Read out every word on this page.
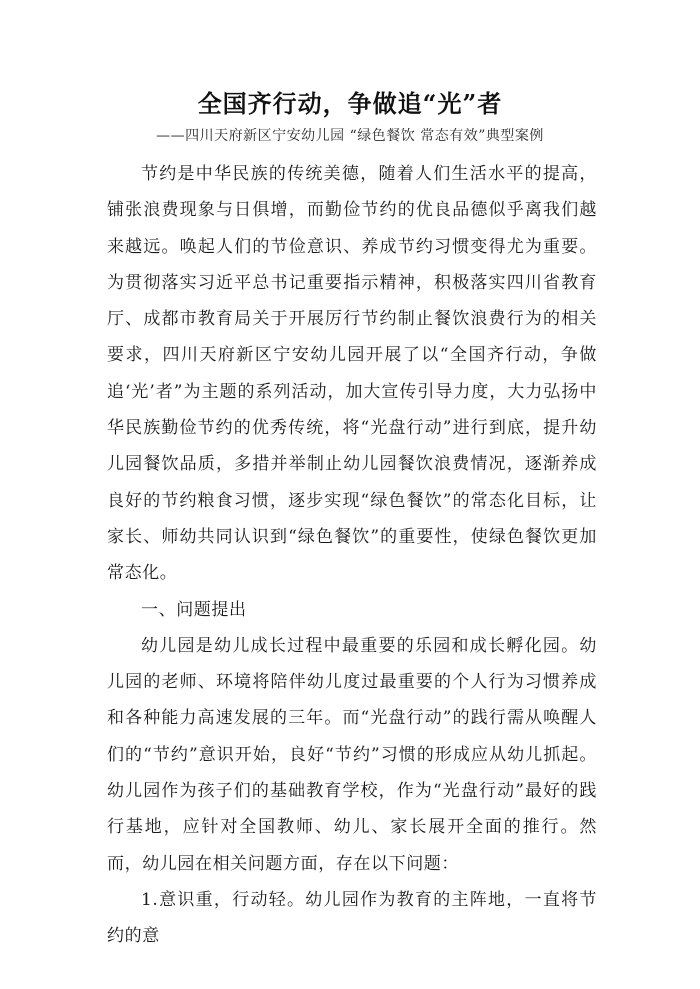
全国齐行动，争做追“光”者
——四川天府新区宁安幼儿园 “绿色餐饮 常态有效”典型案例

节约是中华民族的传统美德，随着人们生活水平的提高，铺张浪费现象与日俱增，而勤俭节约的优良品德似乎离我们越来越远。唤起人们的节俭意识、养成节约习惯变得尤为重要。为贯彻落实习近平总书记重要指示精神，积极落实四川省教育厅、成都市教育局关于开展厉行节约制止餐饮浪费行为的相关要求，四川天府新区宁安幼儿园开展了以“全国齐行动，争做追‘光’者”为主题的系列活动，加大宣传引导力度，大力弘扬中华民族勤俭节约的优秀传统，将“光盘行动”进行到底，提升幼儿园餐饮品质，多措并举制止幼儿园餐饮浪费情况，逐渐养成良好的节约粮食习惯，逐步实现“绿色餐饮”的常态化目标，让家长、师幼共同认识到“绿色餐饮”的重要性，使绿色餐饮更加常态化。

一、问题提出

幼儿园是幼儿成长过程中最重要的乐园和成长孵化园。幼儿园的老师、环境将陪伴幼儿度过最重要的个人行为习惯养成和各种能力高速发展的三年。而“光盘行动”的践行需从唤醒人们的“节约”意识开始，良好“节约”习惯的形成应从幼儿抓起。幼儿园作为孩子们的基础教育学校，作为“光盘行动”最好的践行基地，应针对全国教师、幼儿、家长展开全面的推行。然而，幼儿园在相关问题方面，存在以下问题：

1.意识重，行动轻。幼儿园作为教育的主阵地，一直将节约的意
